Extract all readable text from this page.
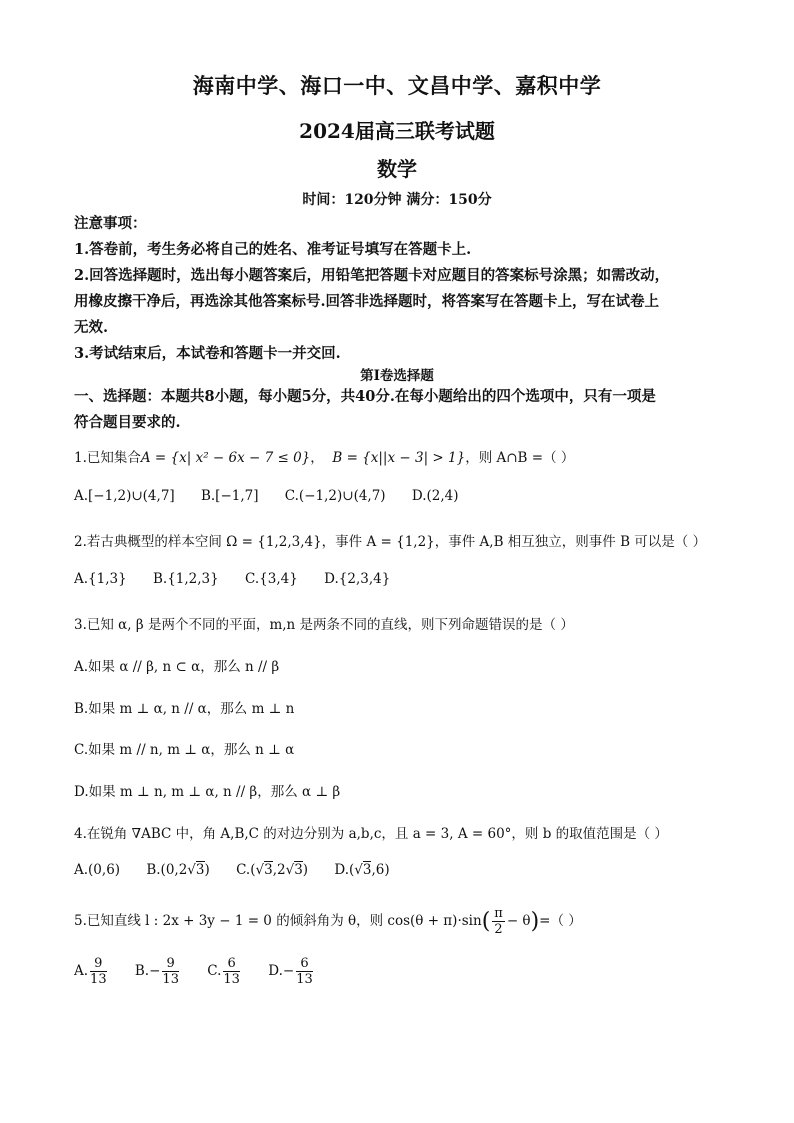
海南中学、海口一中、文昌中学、嘉积中学
2024届高三联考试题
数学
时间：120分钟 满分：150分
注意事项：
1.答卷前，考生务必将自己的姓名、准考证号填写在答题卡上.
2.回答选择题时，选出每小题答案后，用铅笔把答题卡对应题目的答案标号涂黑；如需改动，
用橡皮擦干净后，再选涂其他答案标号.回答非选择题时，将答案写在答题卡上，写在试卷上
无效.
3.考试结束后，本试卷和答题卡一并交回.
第Ⅰ卷选择题
一、选择题：本题共8小题，每小题5分，共40分.在每小题给出的四个选项中，只有一项是
符合题目要求的.
1.已知集合A = {x| x² − 6x − 7 ≤ 0}， B = {x||x − 3| > 1}，则 A∩B =（ ）
A.[−1,2)∪(4,7] B.[−1,7] C.(−1,2)∪(4,7) D.(2,4)
2.若古典概型的样本空间 Ω = {1,2,3,4}，事件 A = {1,2}，事件 A,B 相互独立，则事件 B 可以是（ ）
A.{1,3} B.{1,2,3} C.{3,4} D.{2,3,4}
3.已知 α, β 是两个不同的平面，m,n 是两条不同的直线，则下列命题错误的是（ ）
A.如果 α // β, n ⊂ α，那么 n // β
B.如果 m ⊥ α, n // α，那么 m ⊥ n
C.如果 m // n, m ⊥ α，那么 n ⊥ α
D.如果 m ⊥ n, m ⊥ α, n // β，那么 α ⊥ β
4.在锐角 ∇ABC 中，角 A,B,C 的对边分别为 a,b,c，且 a = 3, A = 60°，则 b 的取值范围是（ ）
A.(0,6) B.(0,2√3) C.(√3,2√3) D.(√3,6)
5.已知直线 l : 2x + 3y − 1 = 0 的倾斜角为 θ，则 $\cos(\theta + \pi)\cdot\sin( \frac{\pi}{2} - \theta)=$（ ）
A. $\frac{9}{13} B.- \frac{9}{13} C$. $\frac{6}{13} D.- \frac{6}{13}$
